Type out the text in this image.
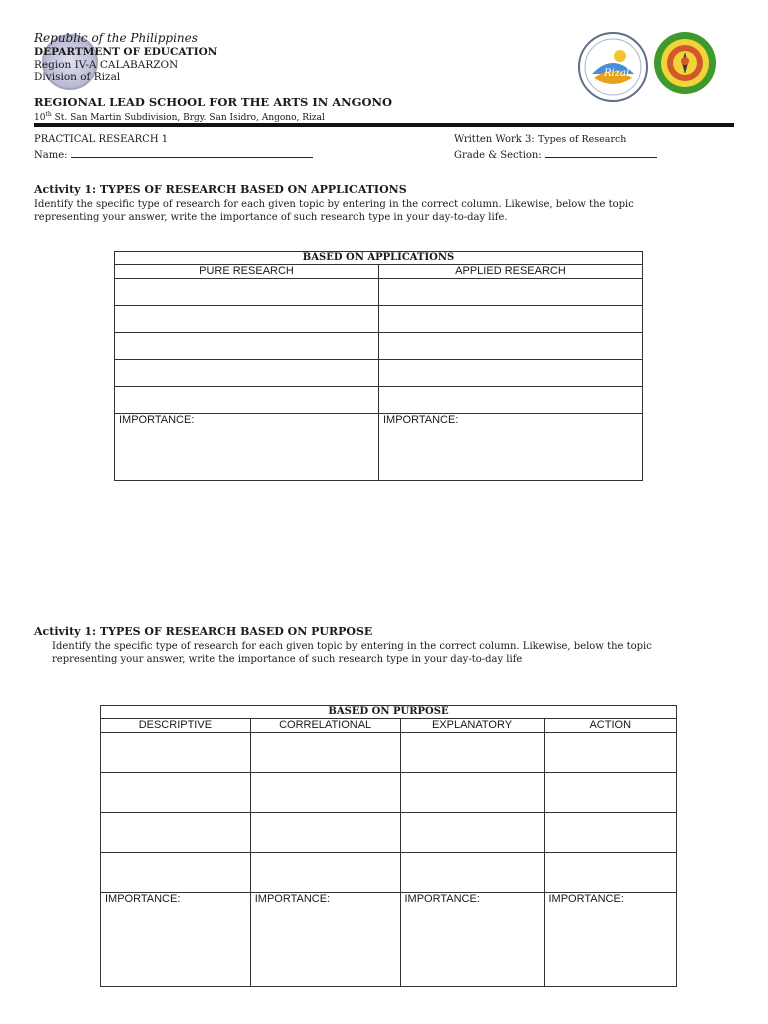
Republic of the Philippines
DEPARTMENT OF EDUCATION
Region IV-A CALABARZON
Division of Rizal
REGIONAL LEAD SCHOOL FOR THE ARTS IN ANGONO
10th St. San Martin Subdivision, Brgy. San Isidro, Angono, Rizal
Rizal
PRACTICAL RESEARCH 1
Name:
Written Work 3: Types of Research
Grade & Section:
Activity 1: TYPES OF RESEARCH BASED ON APPLICATIONS
Identify the specific type of research for each given topic by entering in the correct column. Likewise, below the topic representing your answer, write the importance of such research type in your day-to-day life.
BASED ON APPLICATIONS	
PURE RESEARCH	APPLIED RESEARCH

IMPORTANCE:	IMPORTANCE:
Activity 1: TYPES OF RESEARCH BASED ON PURPOSE
Identify the specific type of research for each given topic by entering in the correct column. Likewise, below the topic representing your answer, write the importance of such research type in your day-to-day life
BASED ON PURPOSE			
DESCRIPTIVE	CORRELATIONAL	EXPLANATORY	ACTION

IMPORTANCE:	IMPORTANCE:	IMPORTANCE:	IMPORTANCE:
